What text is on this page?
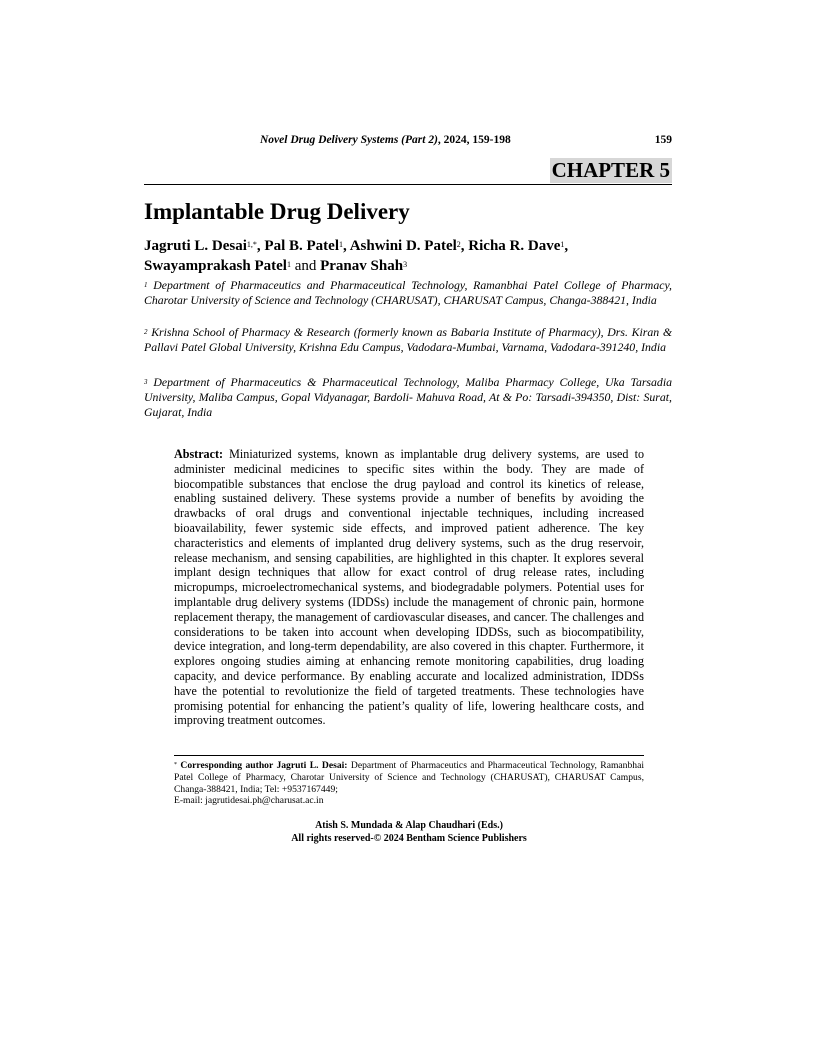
Novel Drug Delivery Systems (Part 2), 2024, 159-198	159
CHAPTER 5
Implantable Drug Delivery
Jagruti L. Desai$^{1,*}$, Pal B. Patel$^1$, Ashwini D. Patel$^2$, Richa R. Dave$^1$,
Swayamprakash Patel$^1$ and Pranav Shah$^3$
$^1$ Department of Pharmaceutics and Pharmaceutical Technology, Ramanbhai Patel College of Pharmacy, Charotar University of Science and Technology (CHARUSAT), CHARUSAT Campus, Changa-388421, India
$^2$ Krishna School of Pharmacy & Research (formerly known as Babaria Institute of Pharmacy), Drs. Kiran & Pallavi Patel Global University, Krishna Edu Campus, Vadodara-Mumbai, Varnama, Vadodara-391240, India
$^3$ Department of Pharmaceutics & Pharmaceutical Technology, Maliba Pharmacy College, Uka Tarsadia University, Maliba Campus, Gopal Vidyanagar, Bardoli- Mahuva Road, At & Po: Tarsadi-394350, Dist: Surat, Gujarat, India
Abstract: Miniaturized systems, known as implantable drug delivery systems, are used to administer medicinal medicines to specific sites within the body. They are made of biocompatible substances that enclose the drug payload and control its kinetics of release, enabling sustained delivery. These systems provide a number of benefits by avoiding the drawbacks of oral drugs and conventional injectable techniques, including increased bioavailability, fewer systemic side effects, and improved patient adherence. The key characteristics and elements of implanted drug delivery systems, such as the drug reservoir, release mechanism, and sensing capabilities, are highlighted in this chapter. It explores several implant design techniques that allow for exact control of drug release rates, including micropumps, microelectromechanical systems, and biodegradable polymers. Potential uses for implantable drug delivery systems (IDDSs) include the management of chronic pain, hormone replacement therapy, the management of cardiovascular diseases, and cancer. The challenges and considerations to be taken into account when developing IDDSs, such as biocompatibility, device integration, and long-term dependability, are also covered in this chapter. Furthermore, it explores ongoing studies aiming at enhancing remote monitoring capabilities, drug loading capacity, and device performance. By enabling accurate and localized administration, IDDSs have the potential to revolutionize the field of targeted treatments. These technologies have promising potential for enhancing the patient’s quality of life, lowering healthcare costs, and improving treatment outcomes.
* Corresponding author Jagruti L. Desai: Department of Pharmaceutics and Pharmaceutical Technology, Ramanbhai Patel College of Pharmacy, Charotar University of Science and Technology (CHARUSAT), CHARUSAT Campus, Changa-388421, India; Tel: +9537167449;
E-mail: jagrutidesai.ph@charusat.ac.in
Atish S. Mundada & Alap Chaudhari (Eds.)
All rights reserved-© 2024 Bentham Science Publishers
